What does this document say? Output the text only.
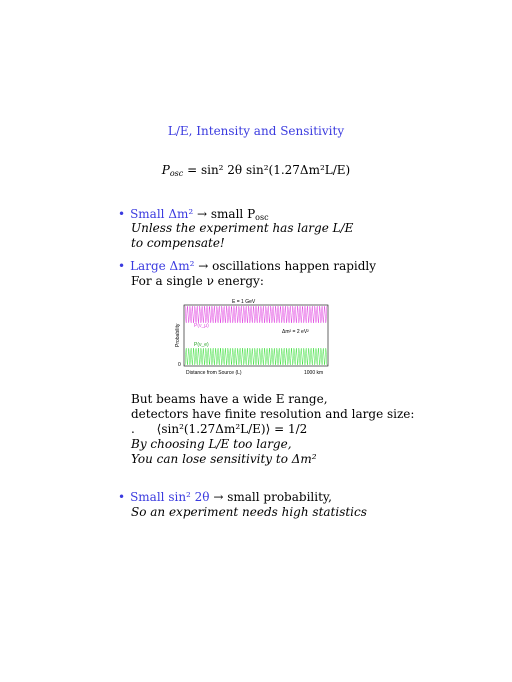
L/E, Intensity and Sensitivity
$P_{osc} = \sin^2$ 2θ sin²(1.27Δm²L/E)
• Small Δm² → small $P_{osc}$
Unless the experiment has large L/E
to compensate!
• Large Δm² → oscillations happen rapidly
For a single ν energy:
E = 1 GeV
P(ν_μ)
P(ν_e)
Δm² = 2 eV²
Probability
0
Distance from Source (L)	1000 km
But beams have a wide E range,
detectors have finite resolution and large size:
. ⟨sin²(1.27Δm²L/E)⟩ = 1/2
By choosing L/E too large,
You can lose sensitivity to Δm²
• Small sin² 2θ → small probability,
So an experiment needs high statistics
